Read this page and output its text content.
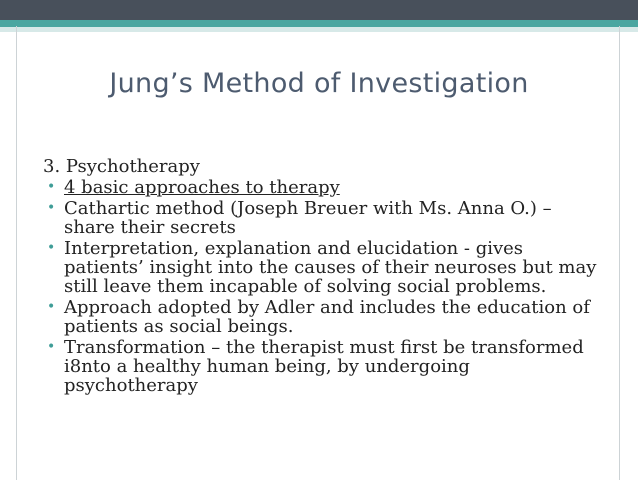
Jung’s Method of Investigation
3. Psychotherapy
• 4 basic approaches to therapy
• Cathartic method (Joseph Breuer with Ms. Anna O.) – share their secrets
• Interpretation, explanation and elucidation - gives patients’ insight into the causes of their neuroses but may still leave them incapable of solving social problems.
• Approach adopted by Adler and includes the education of patients as social beings.
• Transformation – the therapist must first be transformed i8nto a healthy human being, by undergoing psychotherapy
